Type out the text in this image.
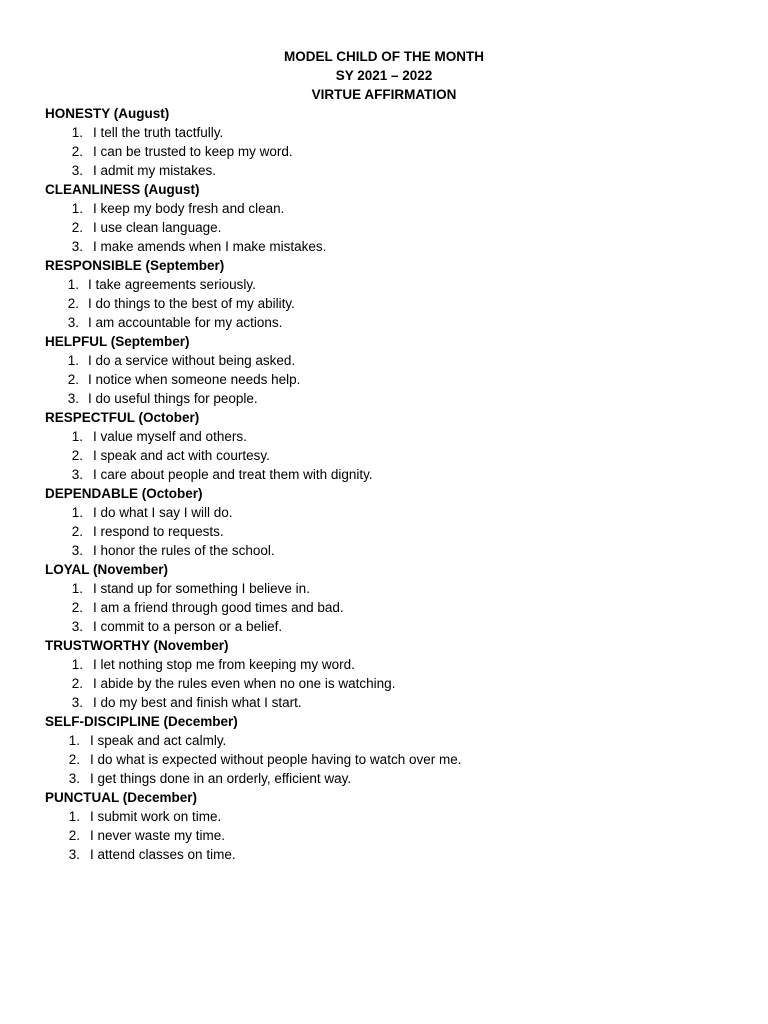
MODEL CHILD OF THE MONTH
SY 2021 – 2022
VIRTUE AFFIRMATION
HONESTY (August)
1. I tell the truth tactfully.
2. I can be trusted to keep my word.
3. I admit my mistakes.
CLEANLINESS (August)
1. I keep my body fresh and clean.
2. I use clean language.
3. I make amends when I make mistakes.
RESPONSIBLE (September)
1. I take agreements seriously.
2. I do things to the best of my ability.
3. I am accountable for my actions.
HELPFUL (September)
1. I do a service without being asked.
2. I notice when someone needs help.
3. I do useful things for people.
RESPECTFUL (October)
1. I value myself and others.
2. I speak and act with courtesy.
3. I care about people and treat them with dignity.
DEPENDABLE (October)
1. I do what I say I will do.
2. I respond to requests.
3. I honor the rules of the school.
LOYAL (November)
1. I stand up for something I believe in.
2. I am a friend through good times and bad.
3. I commit to a person or a belief.
TRUSTWORTHY (November)
1. I let nothing stop me from keeping my word.
2. I abide by the rules even when no one is watching.
3. I do my best and finish what I start.
SELF-DISCIPLINE (December)
1. I speak and act calmly.
2. I do what is expected without people having to watch over me.
3. I get things done in an orderly, efficient way.
PUNCTUAL (December)
1. I submit work on time.
2. I never waste my time.
3. I attend classes on time.
